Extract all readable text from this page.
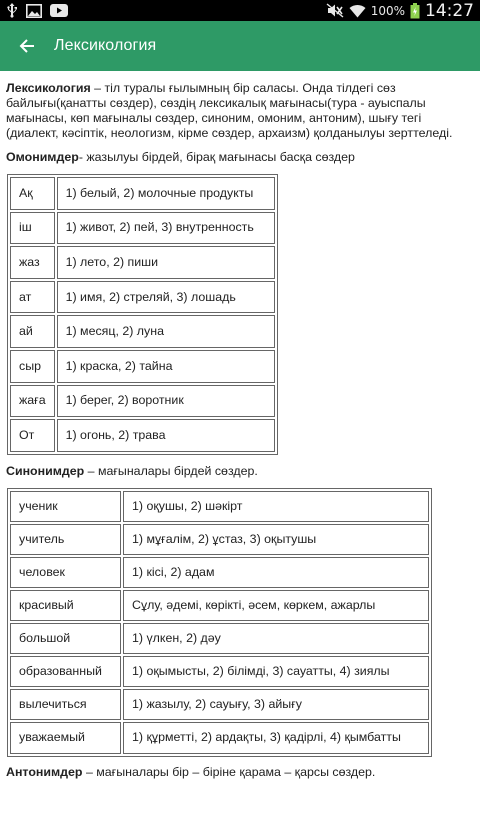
100% 14:27
Лексикология

Лексикология – тіл туралы ғылымның бір саласы. Онда тілдегі сөз байлығы(қанатты сөздер), сөздің лексикалық мағынасы(тура - ауыспалы мағынасы, көп мағыналы сөздер, синоним, омоним, антоним), шығу тегі (диалект, кәсіптік, неологизм, кірме сөздер, архаизм) қолданылуы зерттеледі.

Омонимдер- жазылуы бірдей, бірақ мағынасы басқа сөздер

Ақ	1) белый, 2) молочные продукты
іш	1) живот, 2) пей, 3) внутренность
жаз	1) лето, 2) пиши
ат	1) имя, 2) стреляй, 3) лошадь
ай	1) месяц, 2) луна
сыр	1) краска, 2) тайна
жаға	1) берег, 2) воротник
От	1) огонь, 2) трава

Синонимдер – мағыналары бірдей сөздер.

ученик	1) оқушы, 2) шәкірт
учитель	1) мұғалім, 2) ұстаз, 3) оқытушы
человек	1) кісі, 2) адам
красивый	Сұлу, әдемі, көрікті, әсем, көркем, ажарлы
большой	1) үлкен, 2) дәу
образованный	1) оқымысты, 2) білімді, 3) сауатты, 4) зиялы
вылечиться	1) жазылу, 2) сауығу, 3) айығу
уважаемый	1) құрметті, 2) ардақты, 3) қадірлі, 4) қымбатты

Антонимдер – мағыналары бір – біріне қарама – қарсы сөздер.
